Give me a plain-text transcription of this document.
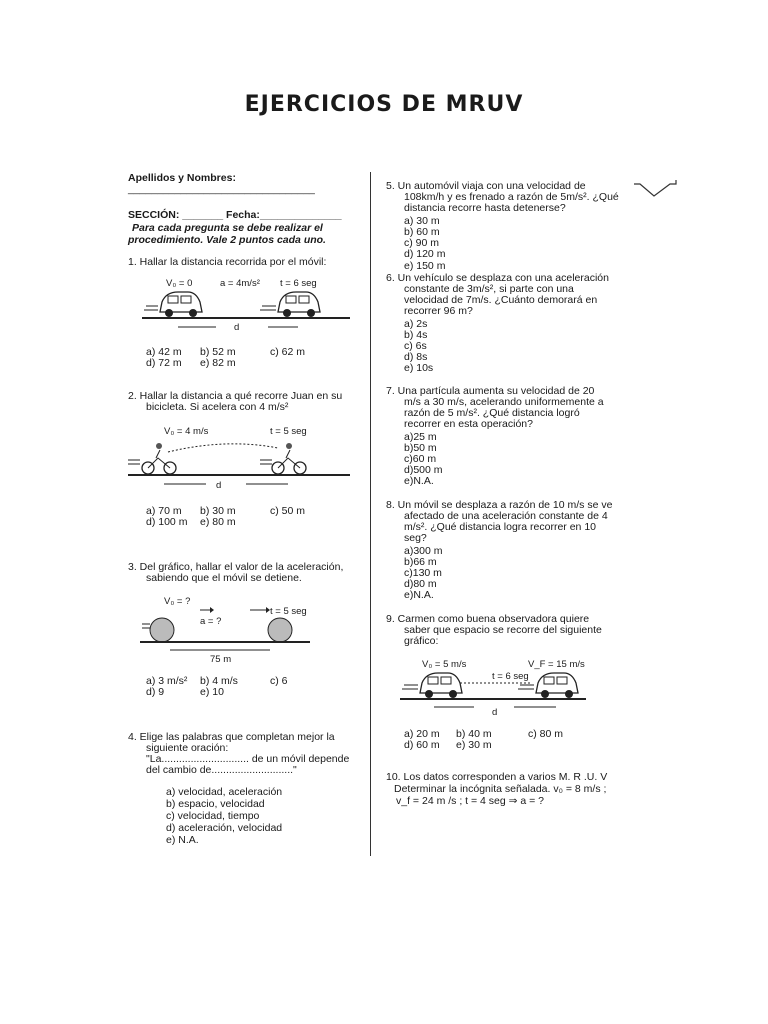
EJERCICIOS DE MRUV
Apellidos y Nombres:
________________________________
SECCIÓN: _______ Fecha:______________
Para cada pregunta se debe realizar el
procedimiento. Vale 2 puntos cada uno.
1. Hallar la distancia recorrida por el móvil:
V₀ = 0	a = 4m/s² t = 6 seg
d
a) 42 m b) 52 m	c) 62 m
d) 72 m e) 82 m
2. Hallar la distancia a qué recorre Juan en su
bicicleta. Si acelera con 4 m/s²
V₀ = 4 m/s	t = 5 seg
d
a) 70 m b) 30 m	c) 50 m
d) 100 m e) 80 m
3. Del gráfico, hallar el valor de la aceleración,
sabiendo que el móvil se detiene.
V₀ = ?
t = 5 seg
a = ?
75 m
a) 3 m/s² b) 4 m/s	c) 6
d) 9	e) 10
4. Elige las palabras que completan mejor la
siguiente oración:
"La.............................. de un móvil depende
del cambio de............................"
a) velocidad, aceleración
b) espacio, velocidad
c) velocidad, tiempo
d) aceleración, velocidad
e) N.A.
5. Un automóvil viaja con una velocidad de
108km/h y es frenado a razón de 5m/s². ¿Qué
distancia recorre hasta detenerse?
a) 30 m
b) 60 m
c) 90 m
d) 120 m
e) 150 m
6. Un vehículo se desplaza con una aceleración
constante de 3m/s², si parte con una
velocidad de 7m/s. ¿Cuánto demorará en
recorrer 96 m?
a) 2s
b) 4s
c) 6s
d) 8s
e) 10s
7. Una partícula aumenta su velocidad de 20
m/s a 30 m/s, acelerando uniformemente a
razón de 5 m/s². ¿Qué distancia logró
recorrer en esta operación?
a)25 m
b)50 m
c)60 m
d)500 m
e)N.A.
8. Un móvil se desplaza a razón de 10 m/s se ve
afectado de una aceleración constante de 4
m/s². ¿Qué distancia logra recorrer en 10
seg?
a)300 m
b)66 m
c)130 m
d)80 m
e)N.A.
9. Carmen como buena observadora quiere
saber que espacio se recorre del siguiente
gráfico:
V₀ = 5 m/s	V_F = 15 m/s
t = 6 seg
d
a) 20 m b) 40 m	c) 80 m
d) 60 m e) 30 m
10. Los datos corresponden a varios M. R .U. V
Determinar la incógnita señalada. v₀ = 8 m/s ;
v_f = 24 m /s ; t = 4 seg ⇒ a = ?
